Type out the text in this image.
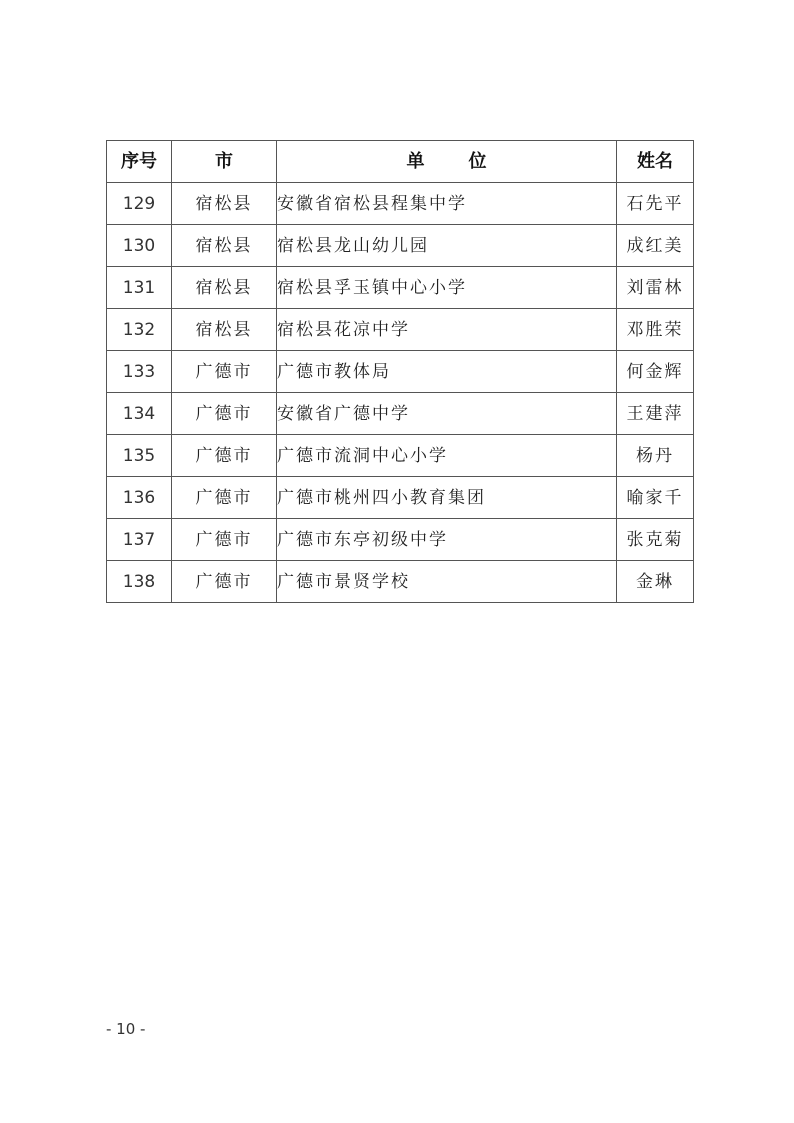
序号	市	单 位	姓名
129	宿松县	安徽省宿松县程集中学	石先平
130	宿松县	宿松县龙山幼儿园	成红美
131	宿松县	宿松县孚玉镇中心小学	刘雷林
132	宿松县	宿松县花凉中学	邓胜荣
133	广德市	广德市教体局	何金辉
134	广德市	安徽省广德中学	王建萍
135	广德市	广德市流洞中心小学	杨丹
136	广德市	广德市桃州四小教育集团	喻家千
137	广德市	广德市东亭初级中学	张克菊
138	广德市	广德市景贤学校	金琳
- 10 -
